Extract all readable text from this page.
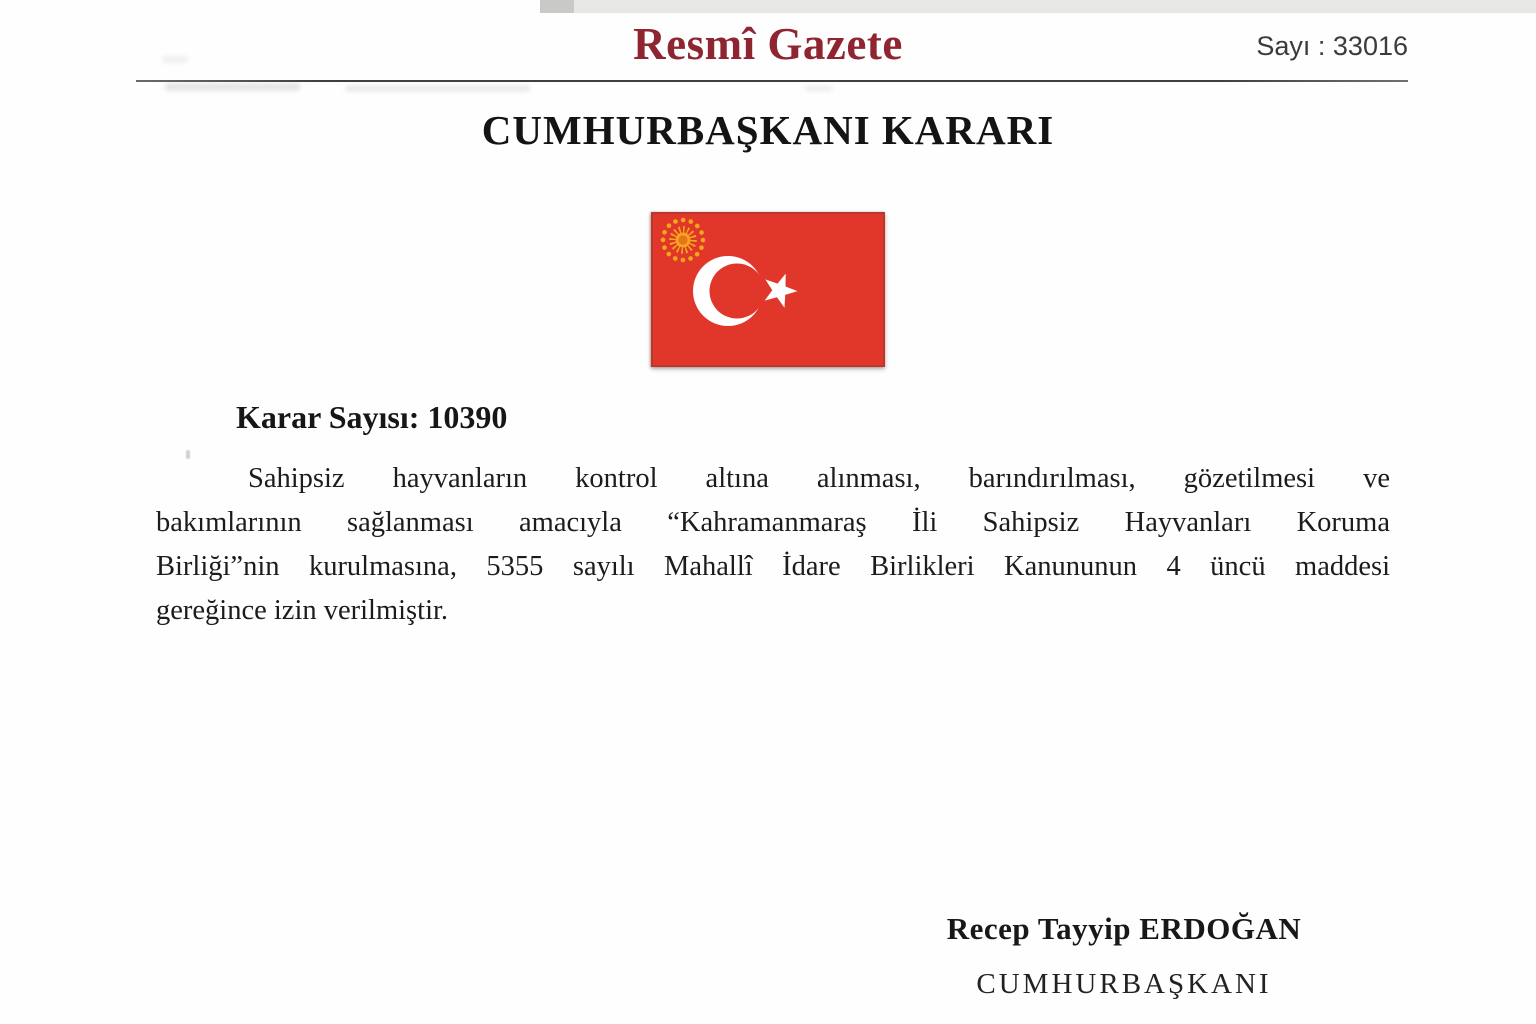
Resmî Gazete	Sayı : 33016
CUMHURBAŞKANI KARARI
Karar Sayısı: 10390
Sahipsiz hayvanların kontrol altına alınması, barındırılması, gözetilmesi ve
bakımlarının sağlanması amacıyla “Kahramanmaraş İli Sahipsiz Hayvanları Koruma
Birliği”nin kurulmasına, 5355 sayılı Mahallî İdare Birlikleri Kanununun 4 üncü maddesi
gereğince izin verilmiştir.
Recep Tayyip ERDOĞAN
CUMHURBAŞKANI
